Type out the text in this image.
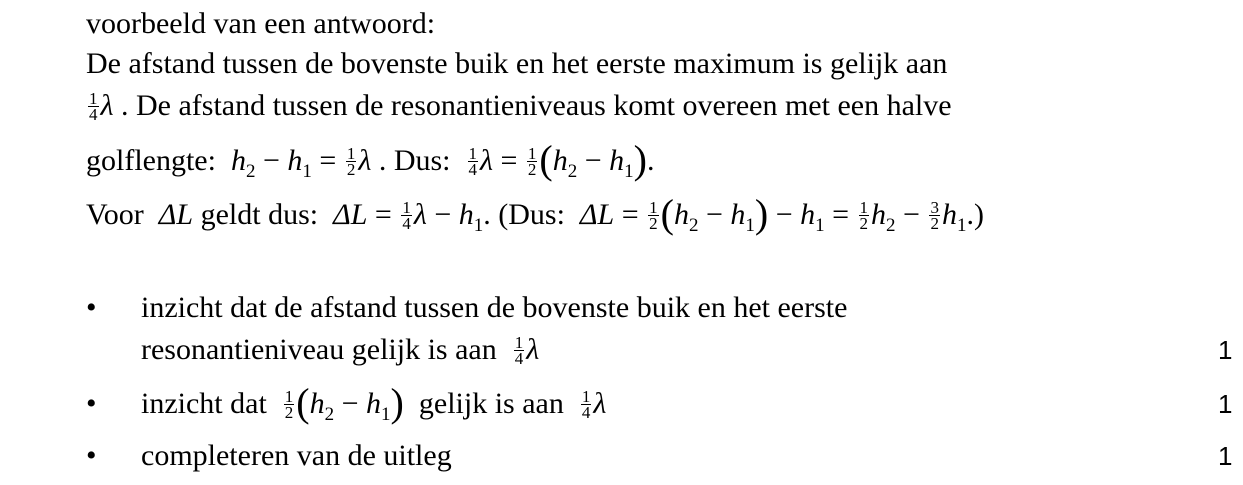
voorbeeld van een antwoord:
De afstand tussen de bovenste buik en het eerste maximum is gelijk aan
$\frac{1}{4}$ λ . De afstand tussen de resonantieniveaus komt overeen met een halve
golflengte: $h_2 - h_1 = \frac{1}{2}$ λ . Dus: $\frac{1}{4}$ $\lambda = \frac{1}{2} (h_2 - h_1)$.
Voor ΔL geldt dus: $\Delta L = \frac{1}{4}$ $\lambda - h_1$. (Dus: $\Delta L = \frac{1}{2} (h_2 - h_1) - h_1 = \frac{1}{2} h_2 - \frac{3}{2} h_1$.)
• inzicht dat de afstand tussen de bovenste buik en het eerste
resonantieniveau gelijk is aan $\frac{1}{4}$ λ	1
• inzicht dat $\frac{1}{2} (h_2 - h_1)$ gelijk is aan $\frac{1}{4}$ λ	1
• completeren van de uitleg	1
